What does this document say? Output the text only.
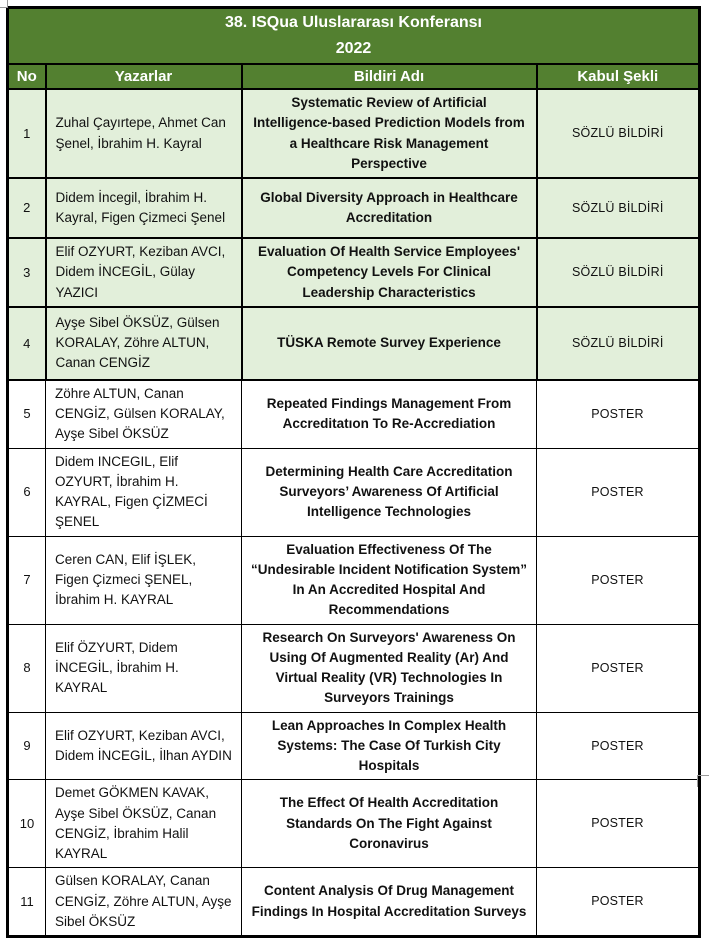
38. ISQua Uluslararası Konferansı
2022			

No	Yazarlar	Bildiri Adı	Kabul Şekli
1	Zuhal Çayırtepe, Ahmet Can Şenel, İbrahim H. Kayral	Systematic Review of Artificial Intelligence-based Prediction Models from a Healthcare Risk Management Perspective	SÖZLÜ BİLDİRİ
2	Didem İncegil, İbrahim H. Kayral, Figen Çizmeci Şenel	Global Diversity Approach in Healthcare Accreditation	SÖZLÜ BİLDİRİ
3	Elif OZYURT, Keziban AVCI, Didem İNCEGİL, Gülay YAZICI	Evaluation Of Health Service Employees' Competency Levels For Clinical Leadership Characteristics	SÖZLÜ BİLDİRİ
4	Ayşe Sibel ÖKSÜZ, Gülsen KORALAY, Zöhre ALTUN, Canan CENGİZ	TÜSKA Remote Survey Experience	SÖZLÜ BİLDİRİ
5	Zöhre ALTUN, Canan CENGİZ, Gülsen KORALAY, Ayşe Sibel ÖKSÜZ	Repeated Findings Management From Accreditatıon To Re-Accrediation	POSTER
6	Didem INCEGIL, Elif OZYURT, İbrahim H. KAYRAL, Figen ÇİZMECİ ŞENEL	Determining Health Care Accreditation Surveyors’ Awareness Of Artificial Intelligence Technologies	POSTER
7	Ceren CAN, Elif İŞLEK, Figen Çizmeci ŞENEL, İbrahim H. KAYRAL	Evaluation Effectiveness Of The “Undesirable Incident Notification System” In An Accredited Hospital And Recommendations	POSTER
8	Elif ÖZYURT, Didem İNCEGİL, İbrahim H. KAYRAL	Research On Surveyors' Awareness On Using Of Augmented Reality (Ar) And Virtual Reality (VR) Technologies In Surveyors Trainings	POSTER
9	Elif OZYURT, Keziban AVCI, Didem İNCEGİL, İlhan AYDIN	Lean Approaches In Complex Health Systems: The Case Of Turkish City Hospitals	POSTER
10	Demet GÖKMEN KAVAK, Ayşe Sibel ÖKSÜZ, Canan CENGİZ, İbrahim Halil KAYRAL	The Effect Of Health Accreditation Standards On The Fight Against Coronavirus	POSTER
11	Gülsen KORALAY, Canan CENGİZ, Zöhre ALTUN, Ayşe Sibel ÖKSÜZ	Content Analysis Of Drug Management Findings In Hospital Accreditation Surveys	POSTER
